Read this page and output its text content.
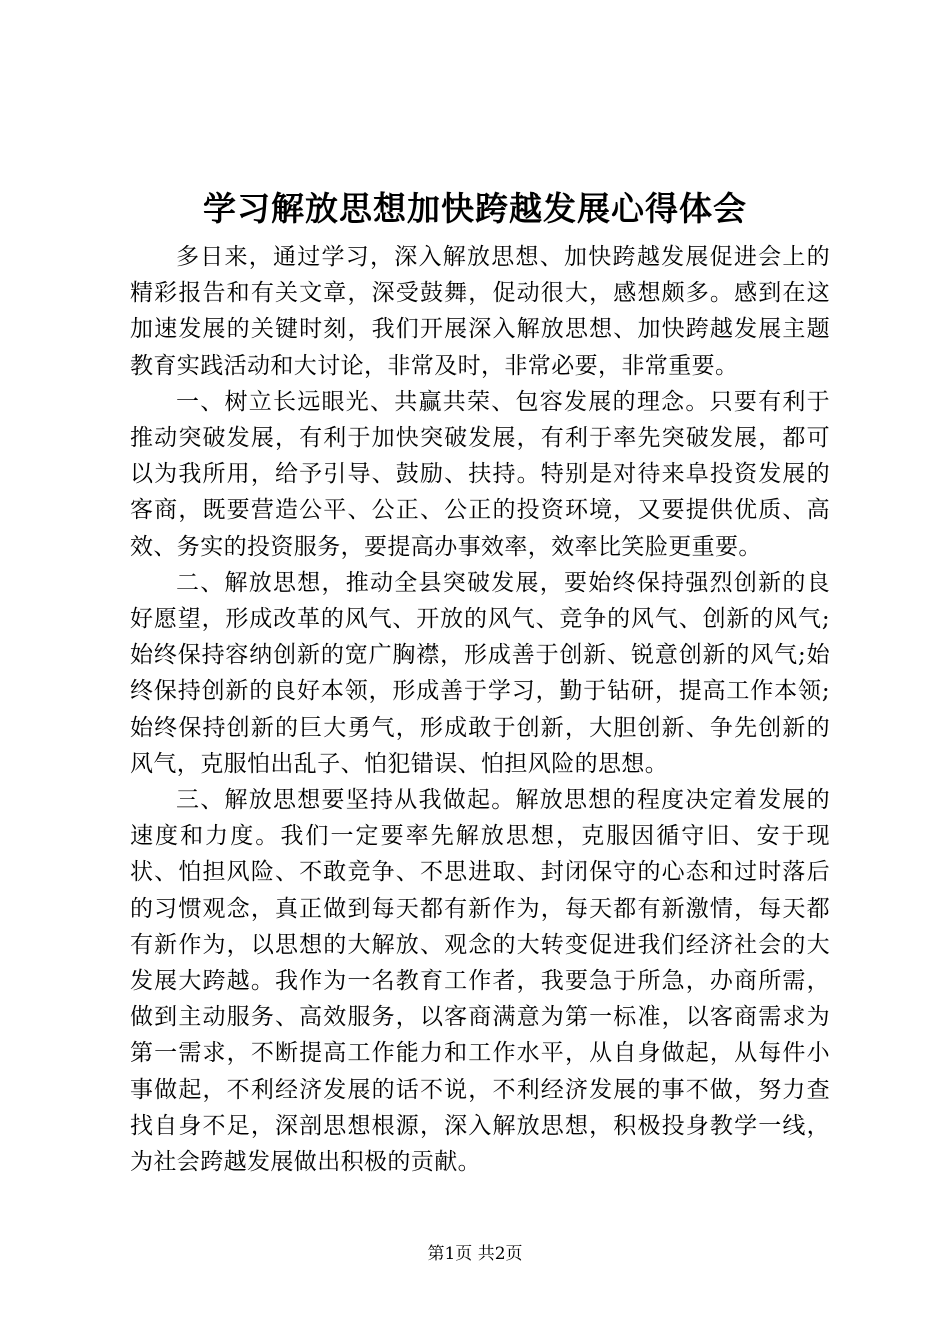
学习解放思想加快跨越发展心得体会

多日来，通过学习，深入解放思想、加快跨越发展促进会上的精彩报告和有关文章，深受鼓舞，促动很大，感想颇多。感到在这加速发展的关键时刻，我们开展深入解放思想、加快跨越发展主题教育实践活动和大讨论，非常及时，非常必要，非常重要。

一、树立长远眼光、共赢共荣、包容发展的理念。只要有利于推动突破发展，有利于加快突破发展，有利于率先突破发展，都可以为我所用，给予引导、鼓励、扶持。特别是对待来阜投资发展的客商，既要营造公平、公正、公正的投资环境，又要提供优质、高效、务实的投资服务，要提高办事效率，效率比笑脸更重要。

二、解放思想，推动全县突破发展，要始终保持强烈创新的良好愿望，形成改革的风气、开放的风气、竞争的风气、创新的风气;始终保持容纳创新的宽广胸襟，形成善于创新、锐意创新的风气;始终保持创新的良好本领，形成善于学习，勤于钻研，提高工作本领;始终保持创新的巨大勇气，形成敢于创新，大胆创新、争先创新的风气，克服怕出乱子、怕犯错误、怕担风险的思想。

三、解放思想要坚持从我做起。解放思想的程度决定着发展的速度和力度。我们一定要率先解放思想，克服因循守旧、安于现状、怕担风险、不敢竞争、不思进取、封闭保守的心态和过时落后的习惯观念，真正做到每天都有新作为，每天都有新激情，每天都有新作为，以思想的大解放、观念的大转变促进我们经济社会的大发展大跨越。我作为一名教育工作者，我要急于所急，办商所需，做到主动服务、高效服务，以客商满意为第一标准，以客商需求为第一需求，不断提高工作能力和工作水平，从自身做起，从每件小事做起，不利经济发展的话不说，不利经济发展的事不做，努力查找自身不足，深剖思想根源，深入解放思想，积极投身教学一线，为社会跨越发展做出积极的贡献。

第1页 共2页
